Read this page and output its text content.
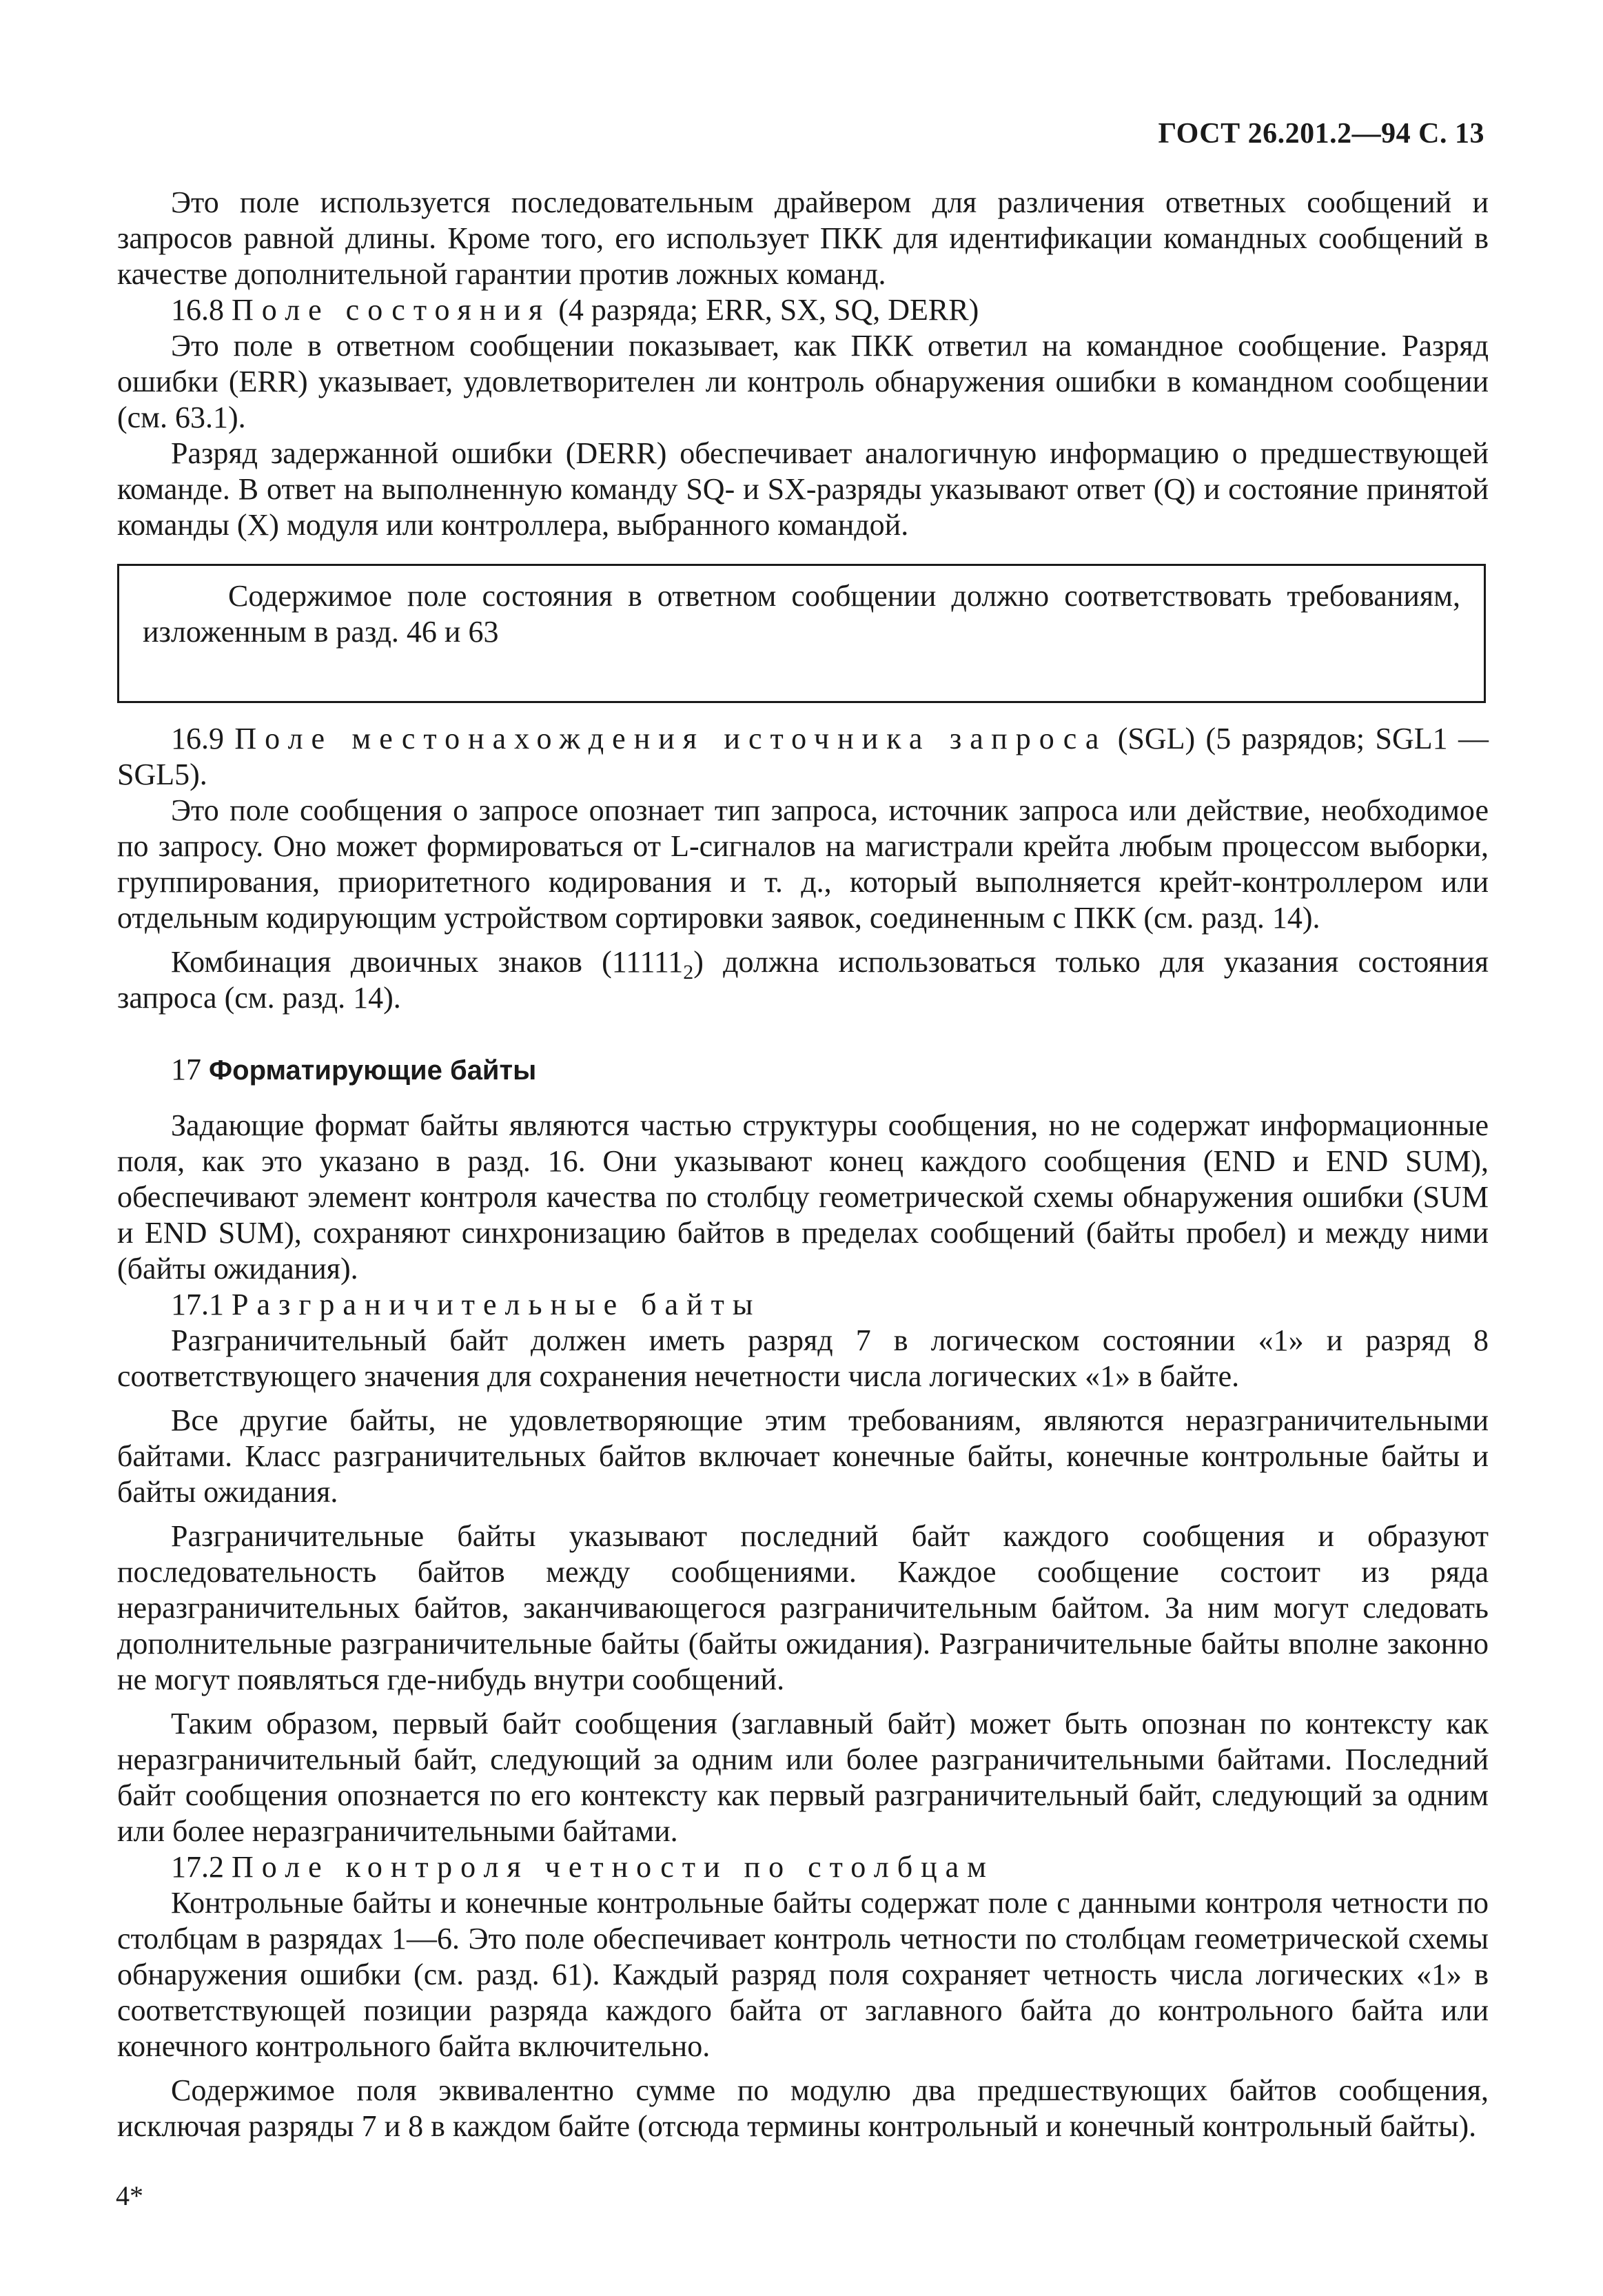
ГОСТ 26.201.2—94 С. 13

Это поле используется последовательным драйвером для различения ответных сообщений и запросов равной длины. Кроме того, его использует ПКК для идентификации командных сообщений в качестве дополнительной гарантии против ложных команд.

16.8 Поле состояния (4 разряда; ERR, SX, SQ, DERR)

Это поле в ответном сообщении показывает, как ПКК ответил на командное сообщение. Разряд ошибки (ERR) указывает, удовлетворителен ли контроль обнаружения ошибки в командном сообщении (см. 63.1).

Разряд задержанной ошибки (DERR) обеспечивает аналогичную информацию о предшествующей команде. В ответ на выполненную команду SQ- и SX-разряды указывают ответ (Q) и состояние принятой команды (X) модуля или контроллера, выбранного командой.

Содержимое поле состояния в ответном сообщении должно соответствовать требованиям, изложенным в разд. 46 и 63

16.9 Поле местонахождения источника запроса (SGL) (5 разрядов; SGL1 — SGL5).

Это поле сообщения о запросе опознает тип запроса, источник запроса или действие, необходимое по запросу. Оно может формироваться от L-сигналов на магистрали крейта любым процессом выборки, группирования, приоритетного кодирования и т. д., который выполняется крейт-контроллером или отдельным кодирующим устройством сортировки заявок, соединенным с ПКК (см. разд. 14).

Комбинация двоичных знаков $(11111_2)$ должна использоваться только для указания состояния запроса (см. разд. 14).

17 Форматирующие байты

Задающие формат байты являются частью структуры сообщения, но не содержат информационные поля, как это указано в разд. 16. Они указывают конец каждого сообщения (END и END SUM), обеспечивают элемент контроля качества по столбцу геометрической схемы обнаружения ошибки (SUM и END SUM), сохраняют синхронизацию байтов в пределах сообщений (байты пробел) и между ними (байты ожидания).

17.1 Разграничительные байты

Разграничительный байт должен иметь разряд 7 в логическом состоянии «1» и разряд 8 соответствующего значения для сохранения нечетности числа логических «1» в байте.

Все другие байты, не удовлетворяющие этим требованиям, являются неразграничительными байтами. Класс разграничительных байтов включает конечные байты, конечные контрольные байты и байты ожидания.

Разграничительные байты указывают последний байт каждого сообщения и образуют последовательность байтов между сообщениями. Каждое сообщение состоит из ряда неразграничительных байтов, заканчивающегося разграничительным байтом. За ним могут следовать дополнительные разграничительные байты (байты ожидания). Разграничительные байты вполне законно не могут появляться где-нибудь внутри сообщений.

Таким образом, первый байт сообщения (заглавный байт) может быть опознан по контексту как неразграничительный байт, следующий за одним или более разграничительными байтами. Последний байт сообщения опознается по его контексту как первый разграничительный байт, следующий за одним или более неразграничительными байтами.

17.2 Поле контроля четности по столбцам

Контрольные байты и конечные контрольные байты содержат поле с данными контроля четности по столбцам в разрядах 1—6. Это поле обеспечивает контроль четности по столбцам геометрической схемы обнаружения ошибки (см. разд. 61). Каждый разряд поля сохраняет четность числа логических «1» в соответствующей позиции разряда каждого байта от заглавного байта до контрольного байта или конечного контрольного байта включительно.

Содержимое поля эквивалентно сумме по модулю два предшествующих байтов сообщения, исключая разряды 7 и 8 в каждом байте (отсюда термины контрольный и конечный контрольный байты).

4*
